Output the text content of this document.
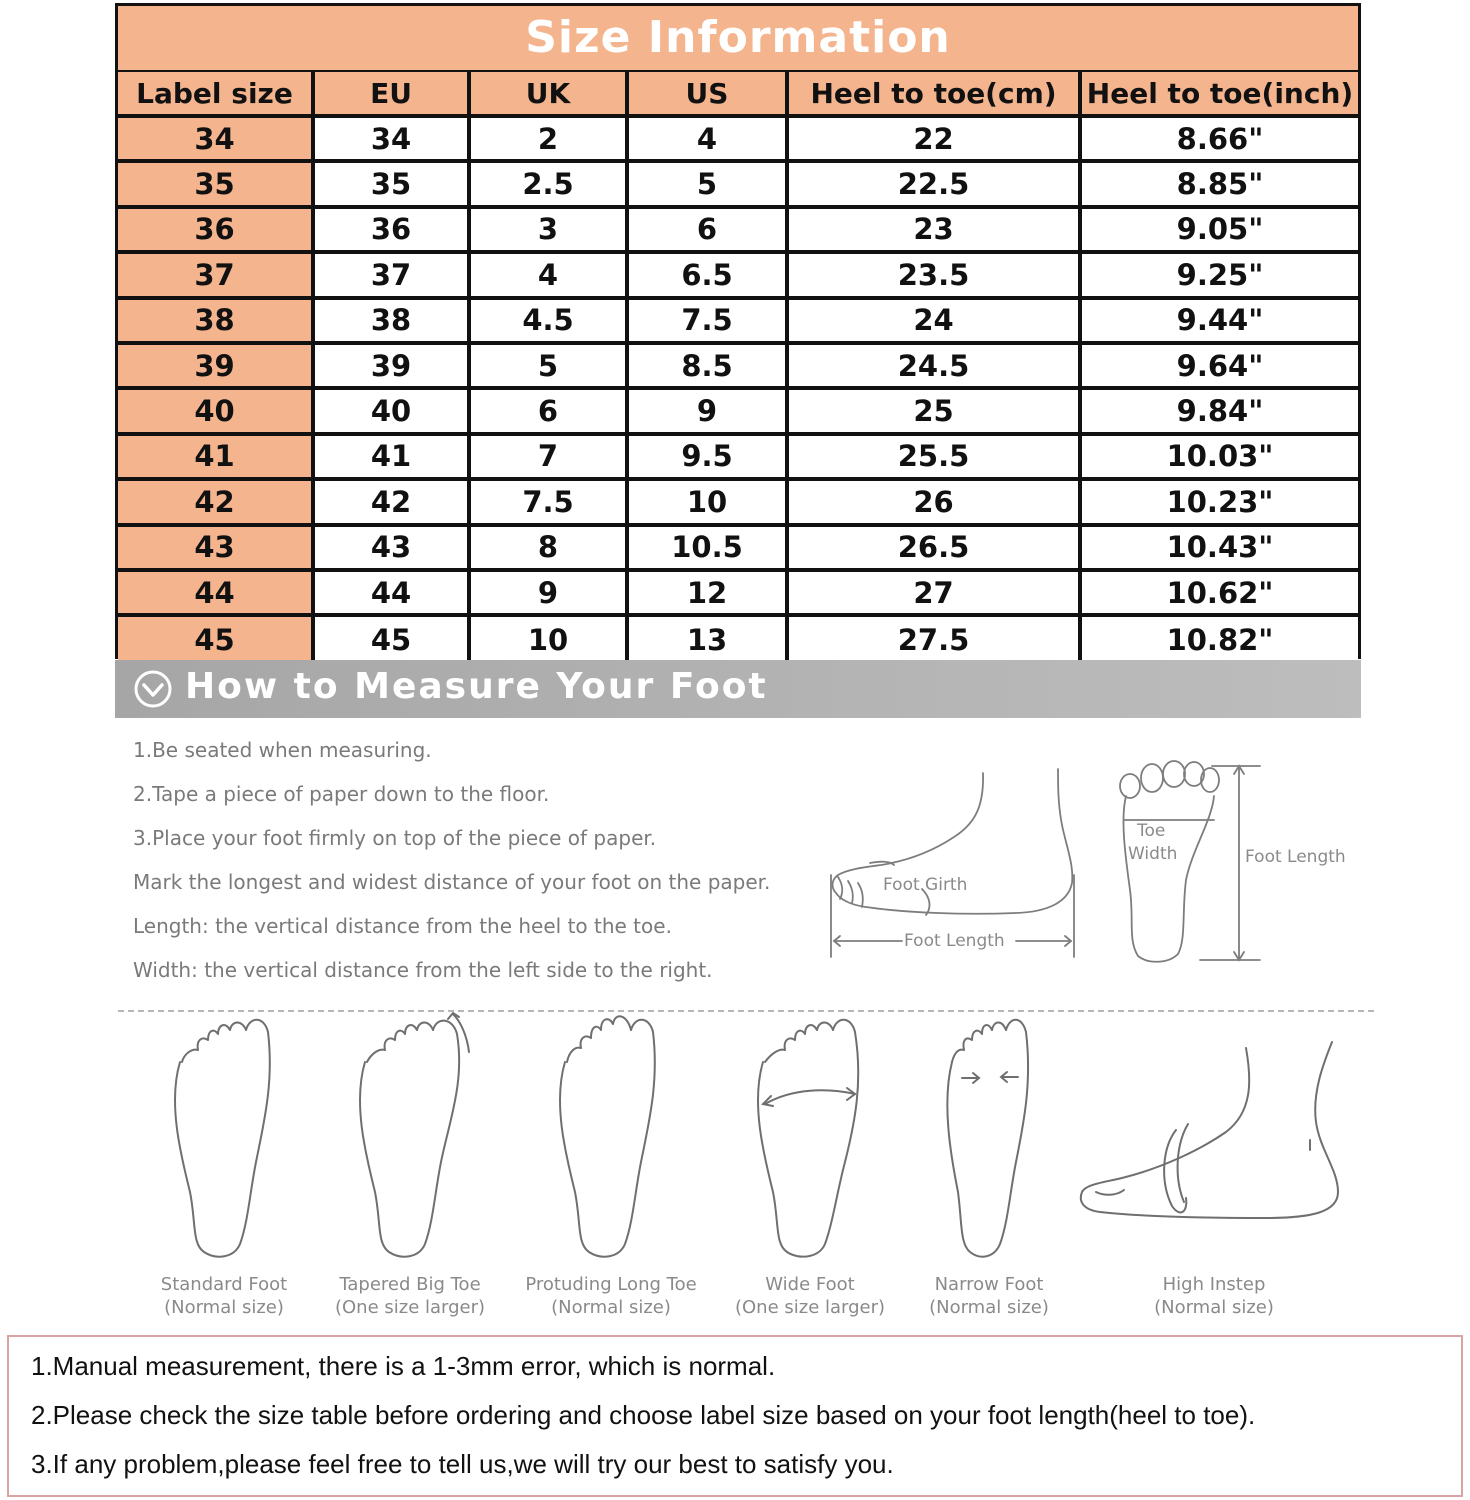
Size Information
Label size	EU	UK	US	Heel to toe(cm)	Heel to toe(inch)
34	34	2	4	22	8.66"
35	35	2.5	5	22.5	8.85"
36	36	3	6	23	9.05"
37	37	4	6.5	23.5	9.25"
38	38	4.5	7.5	24	9.44"
39	39	5	8.5	24.5	9.64"
40	40	6	9	25	9.84"
41	41	7	9.5	25.5	10.03"
42	42	7.5	10	26	10.23"
43	43	8	10.5	26.5	10.43"
44	44	9	12	27	10.62"
45	45	10	13	27.5	10.82"
How to Measure Your Foot
1.Be seated when measuring.
2.Tape a piece of paper down to the floor.
3.Place your foot firmly on top of the piece of paper.
Mark the longest and widest distance of your foot on the paper.
Length: the vertical distance from the heel to the toe.
Width: the vertical distance from the left side to the right.
Foot Girth
Foot Length
Toe
Width	Foot Length
Standard Foot
(Normal size)
Tapered Big Toe
(One size larger)
Protuding Long Toe
(Normal size)
Wide Foot
(One size larger)
Narrow Foot
(Normal size)
High Instep
(Normal size)
1.Manual measurement, there is a 1-3mm error, which is normal.
2.Please check the size table before ordering and choose label size based on your foot length(heel to toe).
3.If any problem,please feel free to tell us,we will try our best to satisfy you.
